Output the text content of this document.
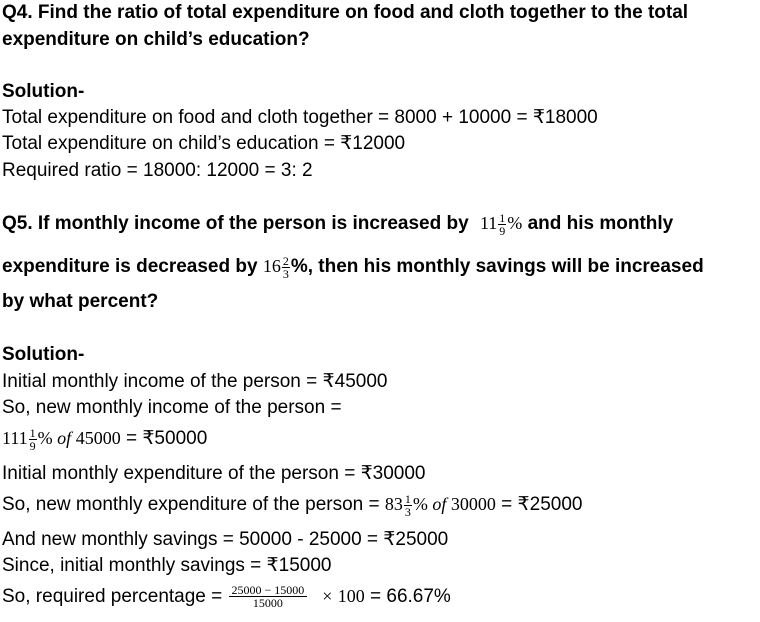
Q4. Find the ratio of total expenditure on food and cloth together to the total
expenditure on child’s education?
Solution-
Total expenditure on food and cloth together = 8000 + 10000 = ₹18000
Total expenditure on child’s education = ₹12000
Required ratio = 18000: 12000 = 3: 2
Q5. If monthly income of the person is increased by $11 \frac{1}{9}$ % and his monthly
expenditure is decreased by $16 \frac{2}{3}$ %, then his monthly savings will be increased
by what percent?
Solution-
Initial monthly income of the person = ₹45000
So, new monthly income of the person =
$111 \frac{1}{9}$ % of 45000 = ₹50000
Initial monthly expenditure of the person = ₹30000
So, new monthly expenditure of the person = $83 \frac{1}{3}$ % of 30000 = ₹25000
And new monthly savings = 50000 - 25000 = ₹25000
Since, initial monthly savings = ₹15000
So, required percentage = $\frac{25000 - 15000}{15000} \times 100 = 66.67\%$
